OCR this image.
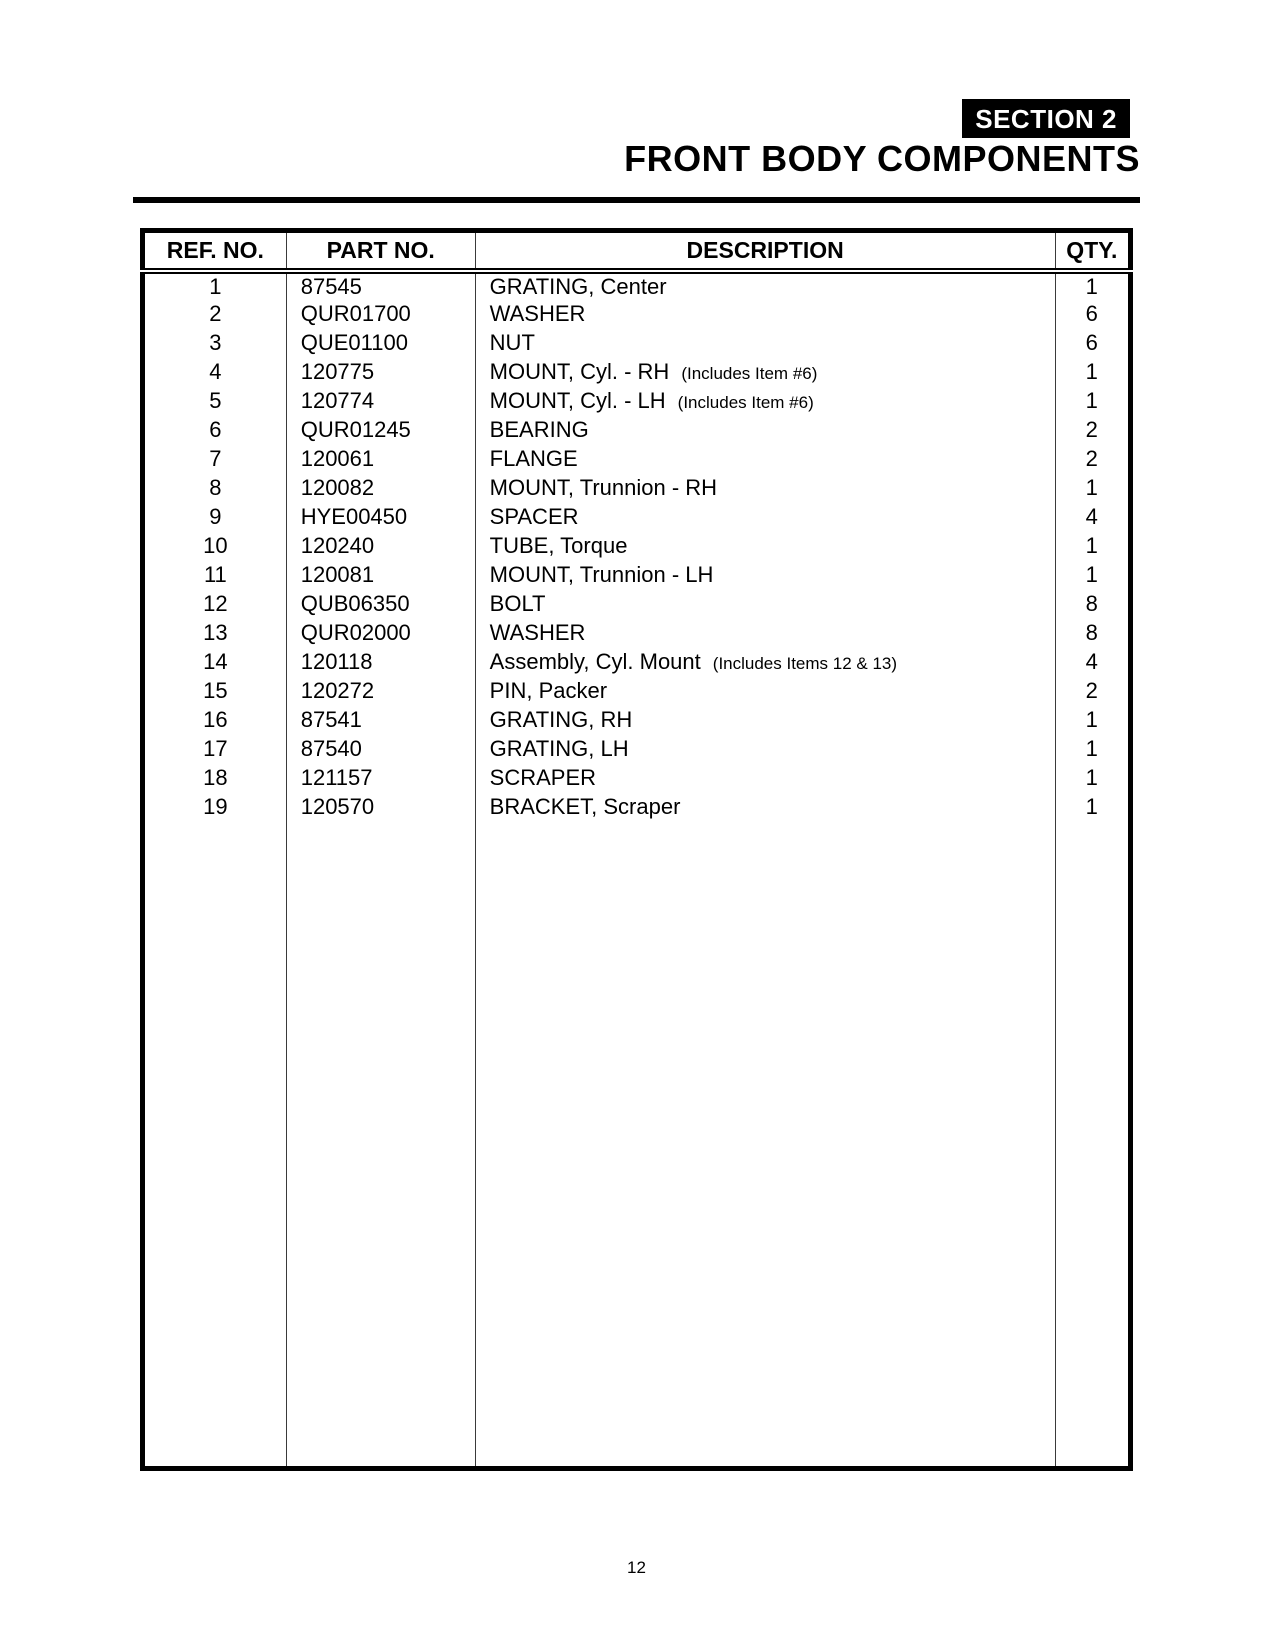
SECTION 2
FRONT BODY COMPONENTS
REF. NO.	PART NO.	DESCRIPTION	QTY.
1	87545	GRATING, Center	1
2	QUR01700	WASHER	6
3	QUE01100	NUT	6
4	120775	MOUNT, Cyl. - RH (Includes Item #6)	1
5	120774	MOUNT, Cyl. - LH (Includes Item #6)	1
6	QUR01245	BEARING	2
7	120061	FLANGE	2
8	120082	MOUNT, Trunnion - RH	1
9	HYE00450	SPACER	4
10	120240	TUBE, Torque	1
11	120081	MOUNT, Trunnion - LH	1
12	QUB06350	BOLT	8
13	QUR02000	WASHER	8
14	120118	Assembly, Cyl. Mount (Includes Items 12 & 13)	4
15	120272	PIN, Packer	2
16	87541	GRATING, RH	1
17	87540	GRATING, LH	1
18	121157	SCRAPER	1
19	120570	BRACKET, Scraper	1

12
